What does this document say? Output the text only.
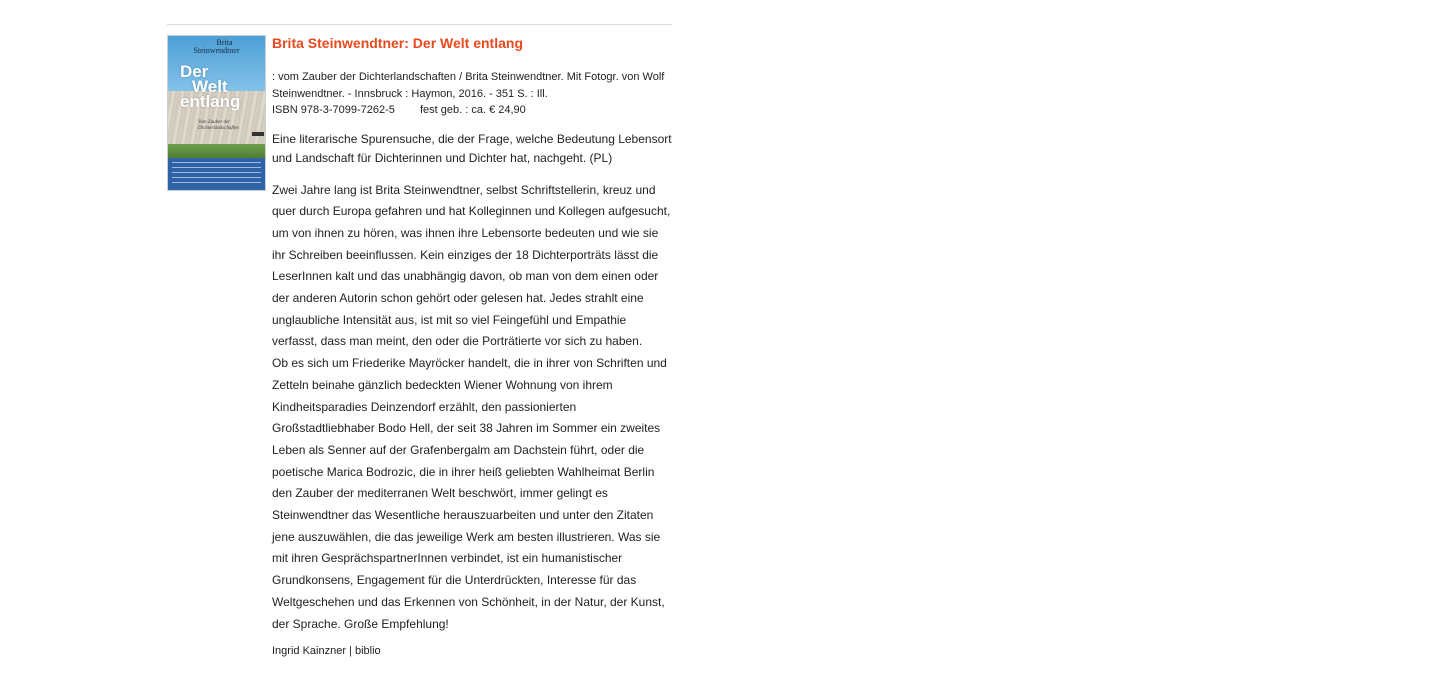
Brita
Steinwendtner
Der
Welt
entlang
Vom Zauber der
Dichterlandschaften
Brita Steinwendtner: Der Welt entlang
: vom Zauber der Dichterlandschaften / Brita Steinwendtner. Mit Fotogr. von Wolf
Steinwendtner. - Innsbruck : Haymon, 2016. - 351 S. : Ill.
ISBN 978-3-7099-7262-5 fest geb. : ca. € 24,90

Eine literarische Spurensuche, die der Frage, welche Bedeutung Lebensort und Landschaft für Dichterinnen und Dichter hat, nachgeht. (PL)

Zwei Jahre lang ist Brita Steinwendtner, selbst Schriftstellerin, kreuz und
quer durch Europa gefahren und hat Kolleginnen und Kollegen aufgesucht,
um von ihnen zu hören, was ihnen ihre Lebensorte bedeuten und wie sie
ihr Schreiben beeinflussen. Kein einziges der 18 Dichterporträts lässt die
LeserInnen kalt und das unabhängig davon, ob man von dem einen oder
der anderen Autorin schon gehört oder gelesen hat. Jedes strahlt eine
unglaubliche Intensität aus, ist mit so viel Feingefühl und Empathie
verfasst, dass man meint, den oder die Porträtierte vor sich zu haben.
Ob es sich um Friederike Mayröcker handelt, die in ihrer von Schriften und
Zetteln beinahe gänzlich bedeckten Wiener Wohnung von ihrem
Kindheitsparadies Deinzendorf erzählt, den passionierten
Großstadtliebhaber Bodo Hell, der seit 38 Jahren im Sommer ein zweites
Leben als Senner auf der Grafenbergalm am Dachstein führt, oder die
poetische Marica Bodrozic, die in ihrer heiß geliebten Wahlheimat Berlin
den Zauber der mediterranen Welt beschwört, immer gelingt es
Steinwendtner das Wesentliche herauszuarbeiten und unter den Zitaten
jene auszuwählen, die das jeweilige Werk am besten illustrieren. Was sie
mit ihren GesprächspartnerInnen verbindet, ist ein humanistischer
Grundkonsens, Engagement für die Unterdrückten, Interesse für das
Weltgeschehen und das Erkennen von Schönheit, in der Natur, der Kunst,
der Sprache. Große Empfehlung!

Ingrid Kainzner | biblio
